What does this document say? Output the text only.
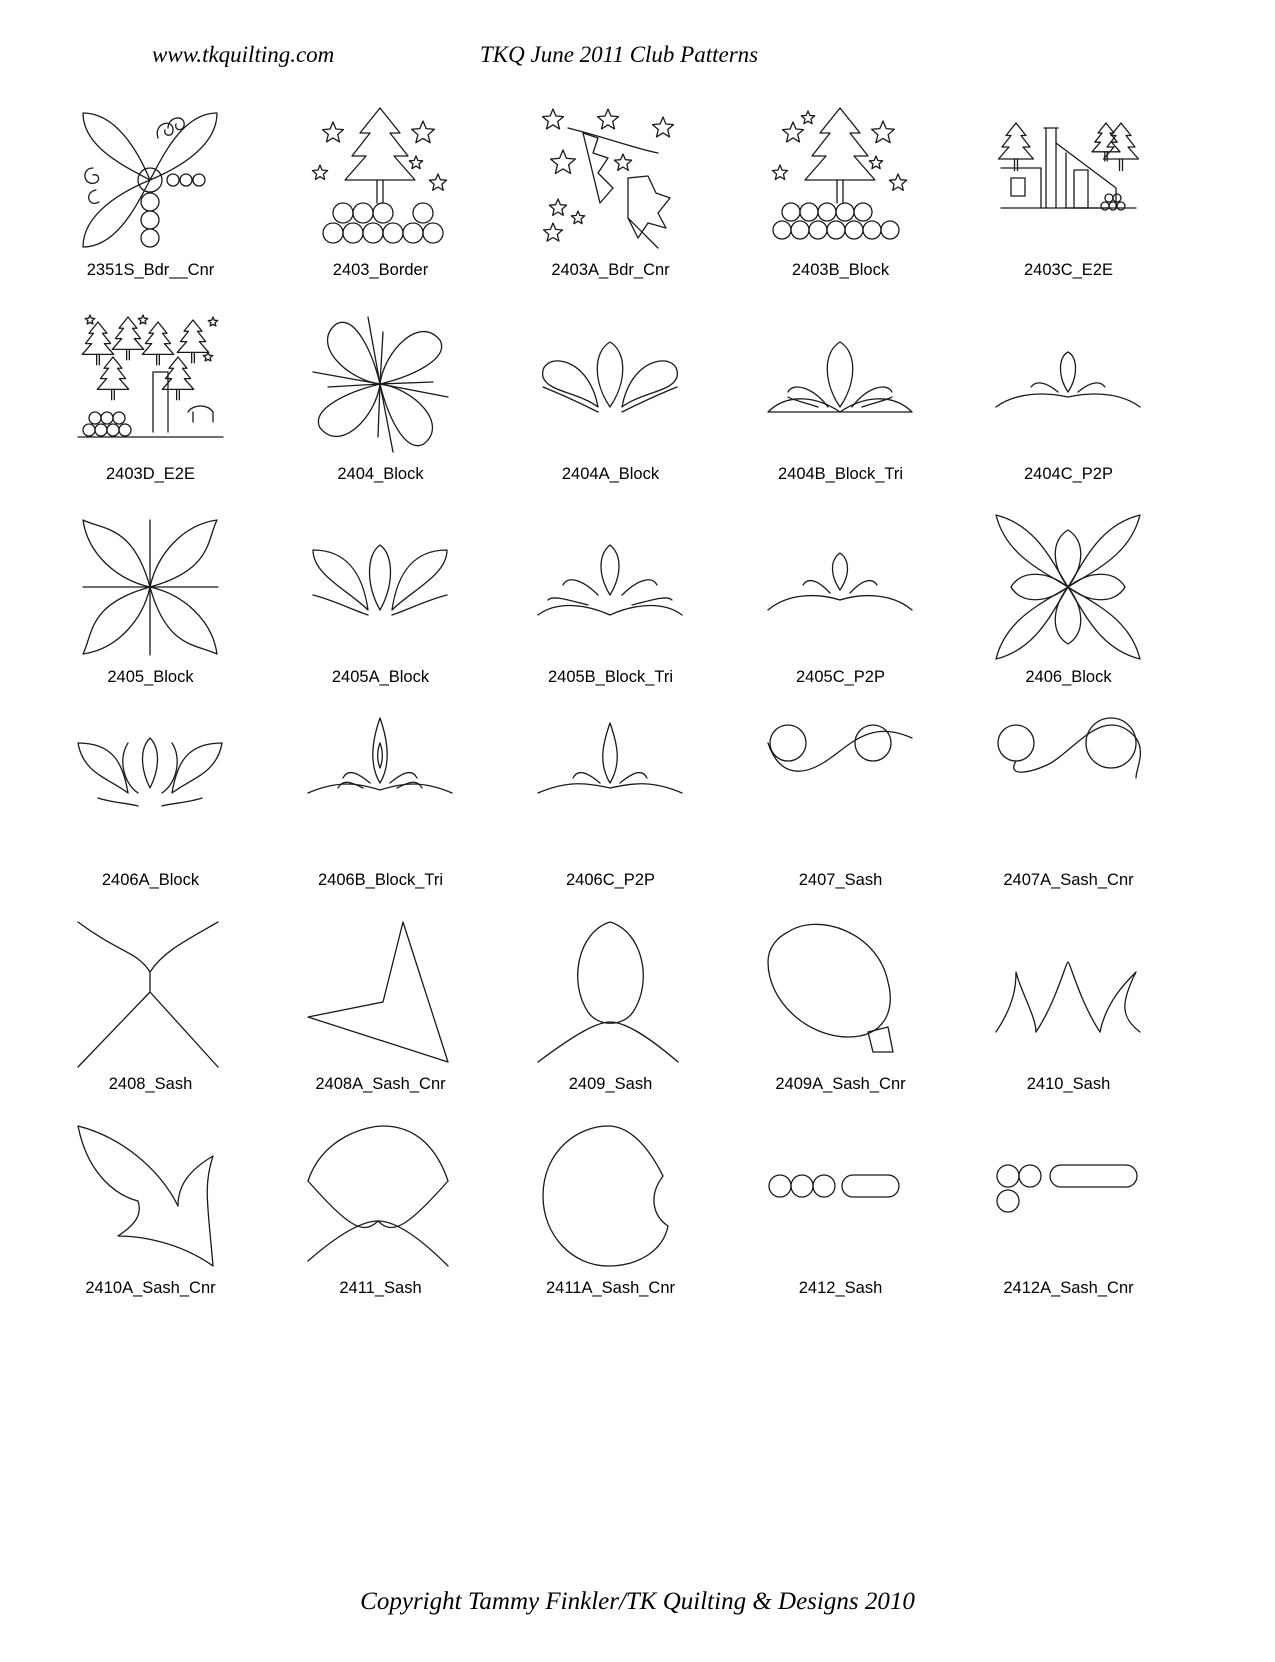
www.tkquilting.com	TKQ June 2011 Club Patterns
2351S_Bdr__Cnr	2403_Border	2403A_Bdr_Cnr	2403B_Block	2403C_E2E
2403D_E2E	2404_Block	2404A_Block	2404B_Block_Tri	2404C_P2P
2405_Block	2405A_Block	2405B_Block_Tri	2405C_P2P	2406_Block
2406A_Block	2406B_Block_Tri	2406C_P2P	2407_Sash	2407A_Sash_Cnr
2408_Sash	2408A_Sash_Cnr	2409_Sash	2409A_Sash_Cnr	2410_Sash
2410A_Sash_Cnr	2411_Sash	2411A_Sash_Cnr	2412_Sash	2412A_Sash_Cnr
Copyright Tammy Finkler/TK Quilting & Designs 2010
